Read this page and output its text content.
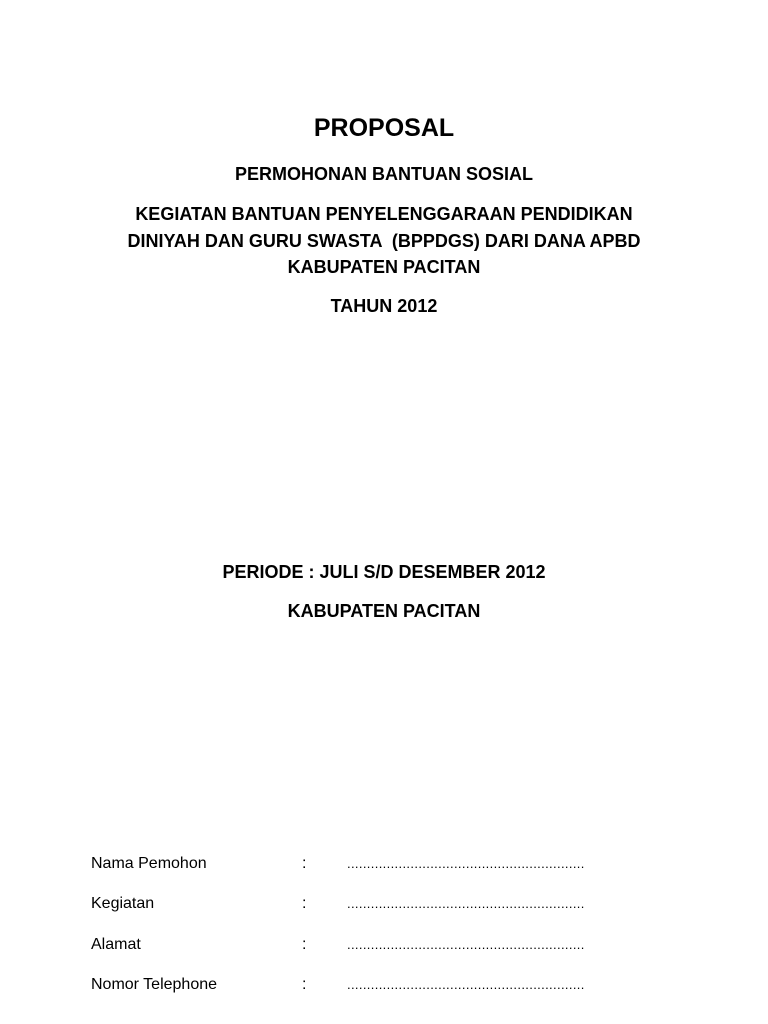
PROPOSAL
PERMOHONAN BANTUAN SOSIAL
KEGIATAN BANTUAN PENYELENGGARAAN PENDIDIKAN
DINIYAH DAN GURU SWASTA  (BPPDGS) DARI DANA APBD
KABUPATEN PACITAN
TAHUN 2012
PERIODE : JULI S/D DESEMBER 2012
KABUPATEN PACITAN
Nama Pemohon	:	............................................................
Kegiatan	:	............................................................
Alamat	:	............................................................
Nomor Telephone	:	............................................................
